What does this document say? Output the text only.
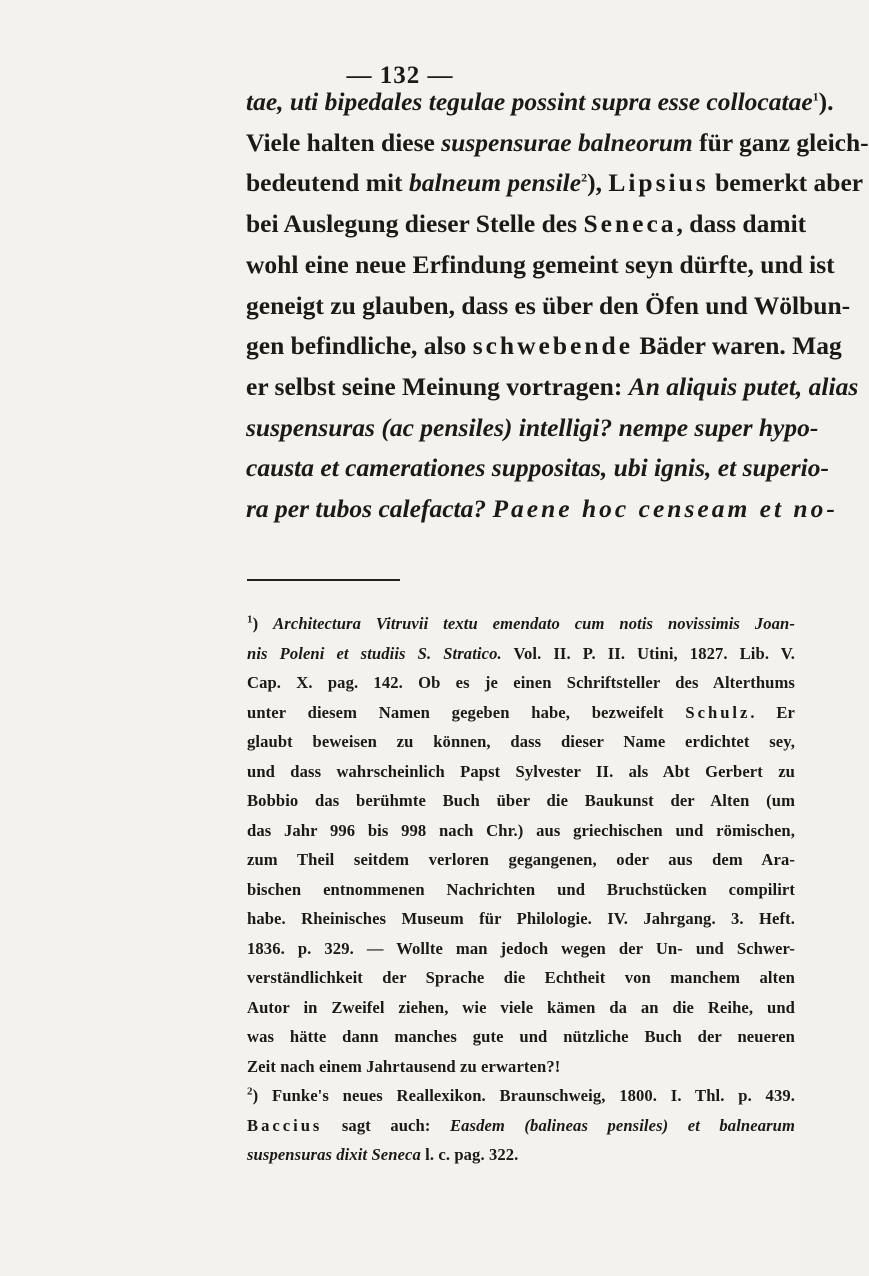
— 132 —
tae, uti bipedales tegulae possint supra esse collocatae$^1$).
Viele halten diese suspensurae balneorum für ganz gleich-
bedeutend mit balneum pensile$^2$), Lipsius bemerkt aber
bei Auslegung dieser Stelle des Seneca, dass damit
wohl eine neue Erfindung gemeint seyn dürfte, und ist
geneigt zu glauben, dass es über den Öfen und Wölbun-
gen befindliche, also schwebende Bäder waren. Mag
er selbst seine Meinung vortragen: An aliquis putet, alias
suspensuras (ac pensiles) intelligi? nempe super hypo-
causta et camerationes suppositas, ubi ignis, et superio-
ra per tubos calefacta? Paene hoc censeam et no-
$^1$) Architectura Vitruvii textu emendato cum notis novissimis Joan-
nis Poleni et studiis S. Stratico. Vol. II. P. II. Utini, 1827. Lib. V.
Cap. X. pag. 142. Ob es je einen Schriftsteller des Alterthums
unter diesem Namen gegeben habe, bezweifelt Schulz. Er
glaubt beweisen zu können, dass dieser Name erdichtet sey,
und dass wahrscheinlich Papst Sylvester II. als Abt Gerbert zu
Bobbio das berühmte Buch über die Baukunst der Alten (um
das Jahr 996 bis 998 nach Chr.) aus griechischen und römischen,
zum Theil seitdem verloren gegangenen, oder aus dem Ara-
bischen entnommenen Nachrichten und Bruchstücken compilirt
habe. Rheinisches Museum für Philologie. IV. Jahrgang. 3. Heft.
1836. p. 329. — Wollte man jedoch wegen der Un- und Schwer-
verständlichkeit der Sprache die Echtheit von manchem alten
Autor in Zweifel ziehen, wie viele kämen da an die Reihe, und
was hätte dann manches gute und nützliche Buch der neueren
Zeit nach einem Jahrtausend zu erwarten?!
$^2$) Funke's neues Reallexikon. Braunschweig, 1800. I. Thl. p. 439.
Baccius sagt auch: Easdem (balineas pensiles) et balnearum
suspensuras dixit Seneca l. c. pag. 322.
